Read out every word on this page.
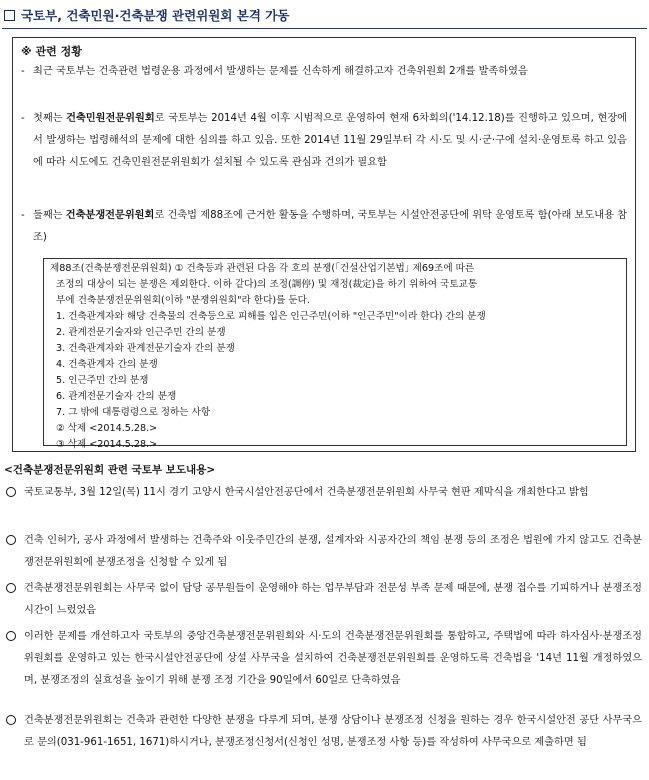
국토부, 건축민원·건축분쟁 관련위원회 본격 가동
※ 관련 정황
- 최근 국토부는 건축관련 법령운용 과정에서 발생하는 문제를 신속하게 해결하고자 건축위원회 2개를 발족하였음
- 첫째는 건축민원전문위원회로 국토부는 2014년 4월 이후 시범적으로 운영하여 현재 6차회의('14.12.18)를 진행하고 있으며, 현장에서 발생하는 법령해석의 문제에 대한 심의를 하고 있음. 또한 2014년 11월 29일부터 각 시·도 및 시·군·구에 설치·운영토록 하고 있음에 따라 시도에도 건축민원전문위원회가 설치될 수 있도록 관심과 건의가 필요함
- 둘째는 건축분쟁전문위원회로 건축법 제88조에 근거한 활동을 수행하며, 국토부는 시설안전공단에 위탁 운영토록 함(아래 보도내용 참조)
제88조(건축분쟁전문위원회) ① 건축등과 관련된 다음 각 호의 분쟁(｢건설산업기본법｣ 제69조에 따른
조정의 대상이 되는 분쟁은 제외한다. 이하 같다)의 조정(調停) 및 재정(裁定)을 하기 위하여 국토교통
부에 건축분쟁전문위원회(이하 "분쟁위원회"라 한다)를 둔다.
1. 건축관계자와 해당 건축물의 건축등으로 피해를 입은 인근주민(이하 "인근주민"이라 한다) 간의 분쟁
2. 관계전문기술자와 인근주민 간의 분쟁
3. 건축관계자와 관계전문기술자 간의 분쟁
4. 건축관계자 간의 분쟁
5. 인근주민 간의 분쟁
6. 관계전문기술자 간의 분쟁
7. 그 밖에 대통령령으로 정하는 사항
② 삭제 <2014.5.28.>
③ 삭제 <2014.5.28.>
<건축분쟁전문위원회 관련 국토부 보도내용>
국토교통부, 3월 12일(목) 11시 경기 고양시 한국시설안전공단에서 건축분쟁전문위원회 사무국 현판 제막식을 개최한다고 밝힘
건축 인허가, 공사 과정에서 발생하는 건축주와 이웃주민간의 분쟁, 설계자와 시공자간의 책임 분쟁 등의 조정은 법원에 가지 않고도 건축분쟁전문위원회에 분쟁조정을 신청할 수 있게 됨
건축분쟁전문위원회는 사무국 없이 담당 공무원들이 운영해야 하는 업무부담과 전문성 부족 문제 때문에, 분쟁 접수를 기피하거나 분쟁조정 시간이 느렀었음
이러한 문제를 개선하고자 국토부의 중앙건축분쟁전문위원회와 시·도의 건축분쟁전문위원회를 통합하고, 주택법에 따라 하자심사·분쟁조정위원회를 운영하고 있는 한국시설안전공단에 상설 사무국을 설치하여 건축분쟁전문위원회를 운영하도록 건축법을 '14년 11월 개정하였으며, 분쟁조정의 실효성을 높이기 위해 분쟁 조정 기간을 90일에서 60일로 단축하였음
건축분쟁전문위원회는 건축과 관련한 다양한 분쟁을 다루게 되며, 분쟁 상담이나 분쟁조정 신청을 원하는 경우 한국시설안전 공단 사무국으로 문의(031-961-1651, 1671)하시거나, 분쟁조정신청서(신청인 성명, 분쟁조정 사항 등)를 작성하여 사무국으로 제출하면 됨
